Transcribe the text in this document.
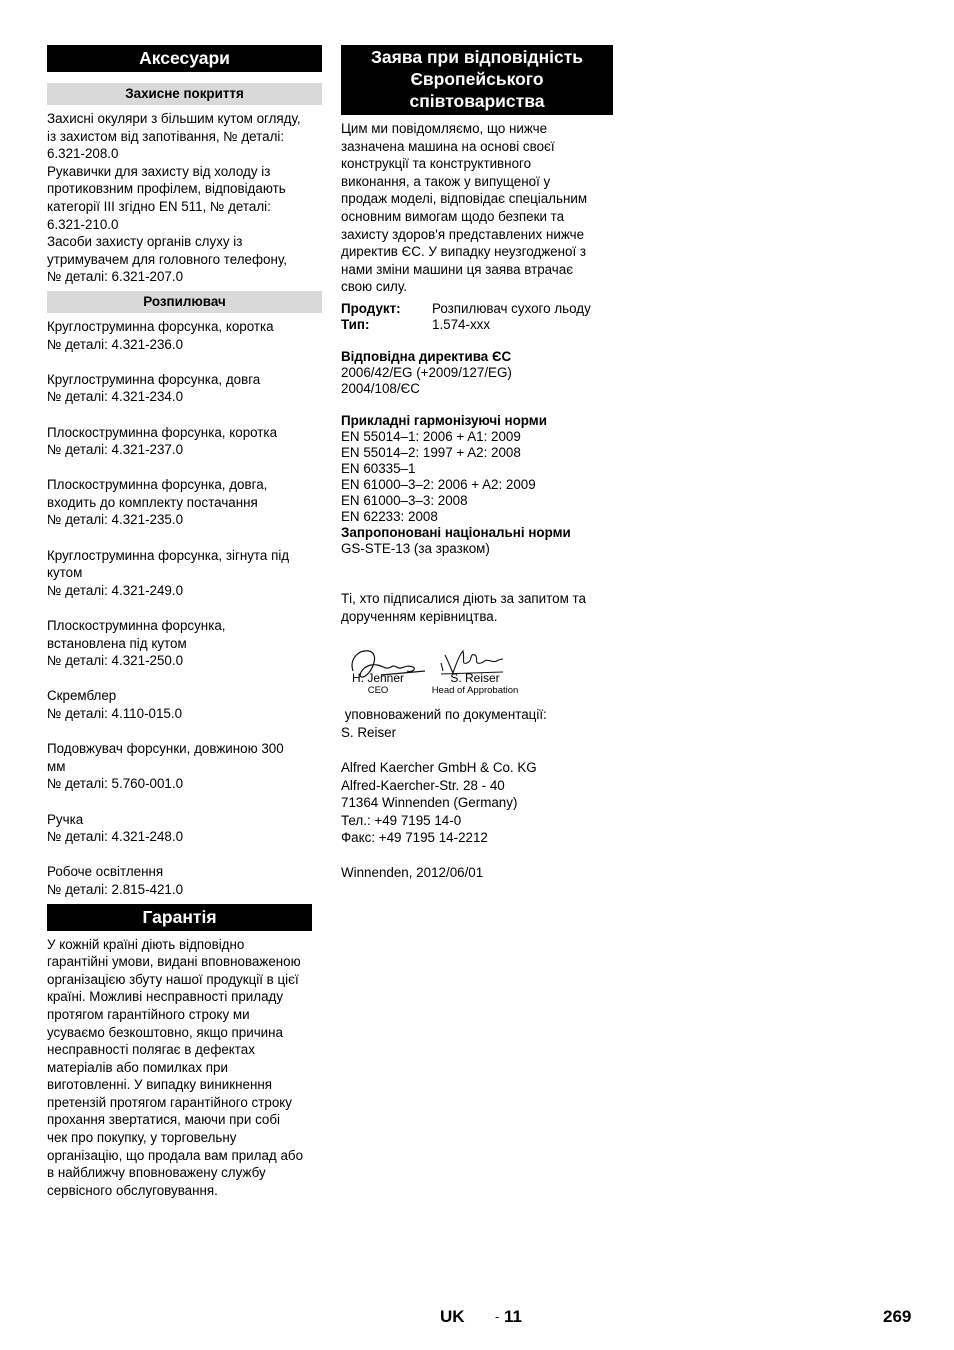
Аксесуари
Захисне покриття

Захисні окуляри з більшим кутом огляду,

із захистом від запотівання, № деталі:

6.321-208.0

Рукавички для захисту від холоду із

протиковзним профілем, відповідають

категорії III згідно EN 511, № деталі:

6.321-210.0

Засоби захисту органів слуху із

утримувачем для головного телефону,

№ деталі: 6.321-207.0

Розпилювач

Круглоструминна форсунка, коротка

№ деталі: 4.321-236.0

Круглоструминна форсунка, довга

№ деталі: 4.321-234.0

Плоскоструминна форсунка, коротка

№ деталі: 4.321-237.0

Плоскоструминна форсунка, довга,

входить до комплекту постачання

№ деталі: 4.321-235.0

Круглоструминна форсунка, зігнута під

кутом

№ деталі: 4.321-249.0

Плоскоструминна форсунка,

встановлена під кутом

№ деталі: 4.321-250.0

Скремблер

№ деталі: 4.110-015.0

Подовжувач форсунки, довжиною 300

мм

№ деталі: 5.760-001.0

Ручка

№ деталі: 4.321-248.0

Робоче освітлення

№ деталі: 2.815-421.0

Гарантія

У кожній країні діють відповідно

гарантійні умови, видані вповноваженою

організацією збуту нашої продукції в цієї

країні. Можливі несправності приладу

протягом гарантійного строку ми

усуваємо безкоштовно, якщо причина

несправності полягає в дефектах

матеріалів або помилках при

виготовленні. У випадку виникнення

претензій протягом гарантійного строку

прохання звертатися, маючи при собі

чек про покупку, у торговельну

організацію, що продала вам прилад або

в найближчу вповноважену службу

сервісного обслуговування.

Заява при відповідність
Європейського
співтовариства

Цим ми повідомляємо, що нижче

зазначена машина на основі своєї

конструкції та конструктивного

виконання, а також у випущеної у

продаж моделі, відповідає спеціальним

основним вимогам щодо безпеки та

захисту здоров'я представлених нижче

директив ЄС. У випадку неузгодженої з

нами зміни машини ця заява втрачає

свою силу.

Продукт:	Розпилювач сухого льоду
Тип:	1.574-xxx

Відповідна директива ЄС

2006/42/EG (+2009/127/EG)

2004/108/ЄС

Прикладні гармонізуючі норми

EN 55014–1: 2006 + A1: 2009

EN 55014–2: 1997 + A2: 2008

EN 60335–1

EN 61000–3–2: 2006 + A2: 2009

EN 61000–3–3: 2008

EN 62233: 2008

Запропоновані національні норми

GS-STE-13 (за зразком)

Ті, хто підписалися діють за запитом та

дорученням керівництва.

H. Jenner
CEO
S. Reiser
Head of Approbation

уповноважений по документації:

S. Reiser

Alfred Kaercher GmbH & Co. KG

Alfred-Kaercher-Str. 28 - 40

71364 Winnenden (Germany)

Тел.: +49 7195 14-0

Факс: +49 7195 14-2212

Winnenden, 2012/06/01

UK - 11	269
